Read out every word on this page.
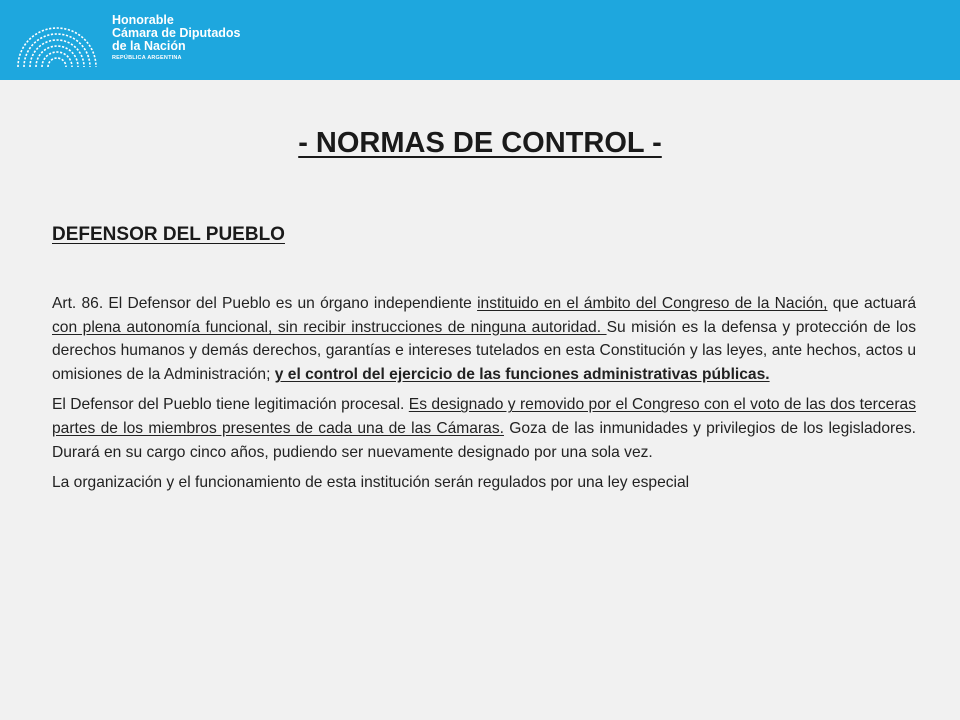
Honorable
Cámara de Diputados
de la Nación
REPÚBLICA ARGENTINA
- NORMAS DE CONTROL -
DEFENSOR DEL PUEBLO

Art. 86. El Defensor del Pueblo es un órgano independiente instituido en el ámbito del Congreso de la Nación, que actuará con plena autonomía funcional, sin recibir instrucciones de ninguna autoridad. Su misión es la defensa y protección de los derechos humanos y demás derechos, garantías e intereses tutelados en esta Constitución y las leyes, ante hechos, actos u omisiones de la Administración; y el control del ejercicio de las funciones administrativas públicas.

El Defensor del Pueblo tiene legitimación procesal. Es designado y removido por el Congreso con el voto de las dos terceras partes de los miembros presentes de cada una de las Cámaras. Goza de las inmunidades y privilegios de los legisladores. Durará en su cargo cinco años, pudiendo ser nuevamente designado por una sola vez.

La organización y el funcionamiento de esta institución serán regulados por una ley especial
